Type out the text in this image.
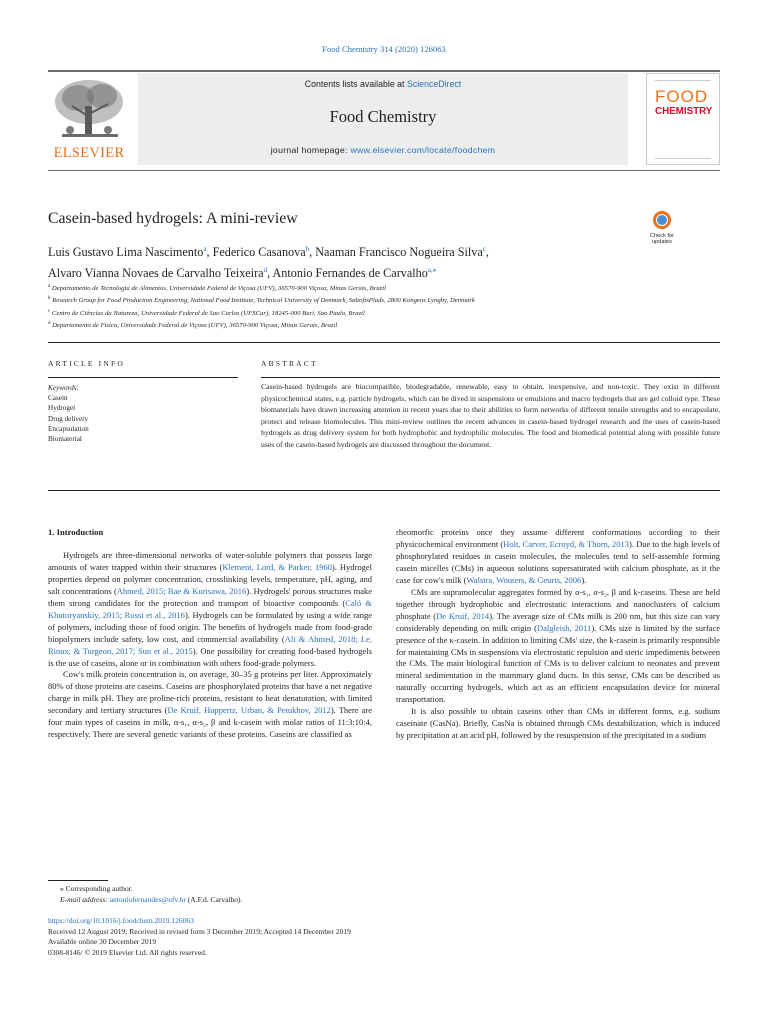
Food Chemistry 314 (2020) 126063
ELSEVIER
Contents lists available at ScienceDirect
Food Chemistry
journal homepage: www.elsevier.com/locate/foodchem
FOOD
CHEMISTRY
Casein-based hydrogels: A mini-review
Check for updates
Luis Gustavo Lima Nascimento$^a$, Federico Casanova$^b$, Naaman Francisco Nogueira Silva$^c$,
Alvaro Vianna Novaes de Carvalho Teixeira$^d$, Antonio Fernandes de Carvalho$^{a,⁎}$
$^a$ Departamento de Tecnologia de Alimentos, Universidade Federal de Viçosa (UFV), 36570-900 Viçosa, Minas Gerais, Brazil
$^b$ Research Group for Food Production Engineering, National Food Institute, Technical University of Denmark, SøltoftsPlads, 2800 Kongens Lyngby, Denmark
$^c$ Centro de Ciências da Natureza, Universidade Federal de Sao Carlos (UFSCar), 18245-000 Buri, Sao Paulo, Brazil
$^d$ Departamento de Física, Universidade Federal de Viçosa (UFV), 36570-900 Viçosa, Minas Gerais, Brazil
ARTICLE INFO	ABSTRACT
Keywords:
Casein
Hydrogel
Drug delivery
Encapsulation
Biomaterial
Casein-based hydrogels are biocompatible, biodegradable, renewable, easy to obtain, inexpensive, and non-toxic. They exist in different physicochemical states, e.g. particle hydrogels, which can be dived in suspensions or emulsions and macro hydrogels that are gel colloid type. These biomaterials have drawn increasing attention in recent years due to their abilities to form networks of different tensile strengths and to encapsulate, protect and release biomolecules. This mini-review outlines the recent advances in casein-based hydrogel research and the uses of casein-based hydrogels as drug delivery system for both hydrophobic and hydrophilic molecules. The food and biomedical potential along with possible future uses of the casein-based hydrogels are discussed throughout the document.
1. Introduction

Hydrogels are three-dimensional networks of water-soluble polymers that possess large amounts of water trapped within their structures (Klement, Lord, & Parker, 1960). Hydrogel properties depend on polymer concentration, crosslinking levels, temperature, pH, aging, and salt concentrations (Ahmed, 2015; Bae & Kurisawa, 2016). Hydrogels' porous structures make them strong candidates for the protection and transport of bioactive compounds (Caló & Khutoryanskiy, 2015; Rossi et al., 2016). Hydrogels can be formulated by using a wide range of polymers, including those of food origin. The benefits of hydrogels made from food-grade biopolymers include safety, low cost, and commercial availability (Ali & Ahmed, 2018; Le, Rioux, & Turgeon, 2017; Sun et al., 2015). One possibility for creating food-based hydrogels is the use of caseins, alone or in combination with others food-grade polymers.

Cow's milk protein concentration is, on average, 30–35 g proteins per liter. Approximately 80% of those proteins are caseins. Caseins are phosphorylated proteins that have a net negative charge in milk pH. They are proline-rich proteins, resistant to heat denaturation, with limited secondary and tertiary structures (De Kruif, Huppertz, Urban, & Petukhov, 2012). There are four main types of caseins in milk, α-s₁, α-s₂, β and k-casein with molar ratios of 11:3:10:4, respectively. There are several genetic variants of these proteins. Caseins are classified as

rheomorfic proteins once they assume different conformations according to their physicochemical environment (Holt, Carver, Ecroyd, & Thorn, 2013). Due to the high levels of phosphorylated residues in casein molecules, the molecules tend to self-assemble forming casein micelles (CMs) in aqueous solutions supersaturated with calcium phosphate, as it the case for cow's milk (Walstra, Wouters, & Geurts, 2006).

CMs are supramolecular aggregates formed by α-s₁, α-s₂, β and k-caseins. These are held together through hydrophobic and electrostatic interactions and nanoclusters of calcium phosphate (De Kruif, 2014). The average size of CMs milk is 200 nm, but this size can vary considerably depending on milk origin (Dalgleish, 2011). CMs size is limited by the surface presence of the κ-casein. In addition to limiting CMs' size, the k-casein is primarily responsible for maintaining CMs in suspensions via electrostatic repulsion and steric impediments between the CMs. The main biological function of CMs is to deliver calcium to neonates and prevent mineral sedimentation in the mammary gland ducts. In this sense, CMs can be described as naturally occurring hydrogels, which act as an efficient encapsulation device for mineral transportation.

It is also possible to obtain caseins other than CMs in different forms, e.g. sodium caseinate (CasNa). Briefly, CasNa is obtained through CMs destabilization, which is induced by precipitation at an acid pH, followed by the resuspension of the precipitated in a sodium

⁎ Corresponding author.
E-mail address: antoniofernandes@ufv.br (A.F.d. Carvalho).
https://doi.org/10.1016/j.foodchem.2019.126063
Received 12 August 2019; Received in revised form 3 December 2019; Accepted 14 December 2019
Available online 30 December 2019
0308-8146/ © 2019 Elsevier Ltd. All rights reserved.
